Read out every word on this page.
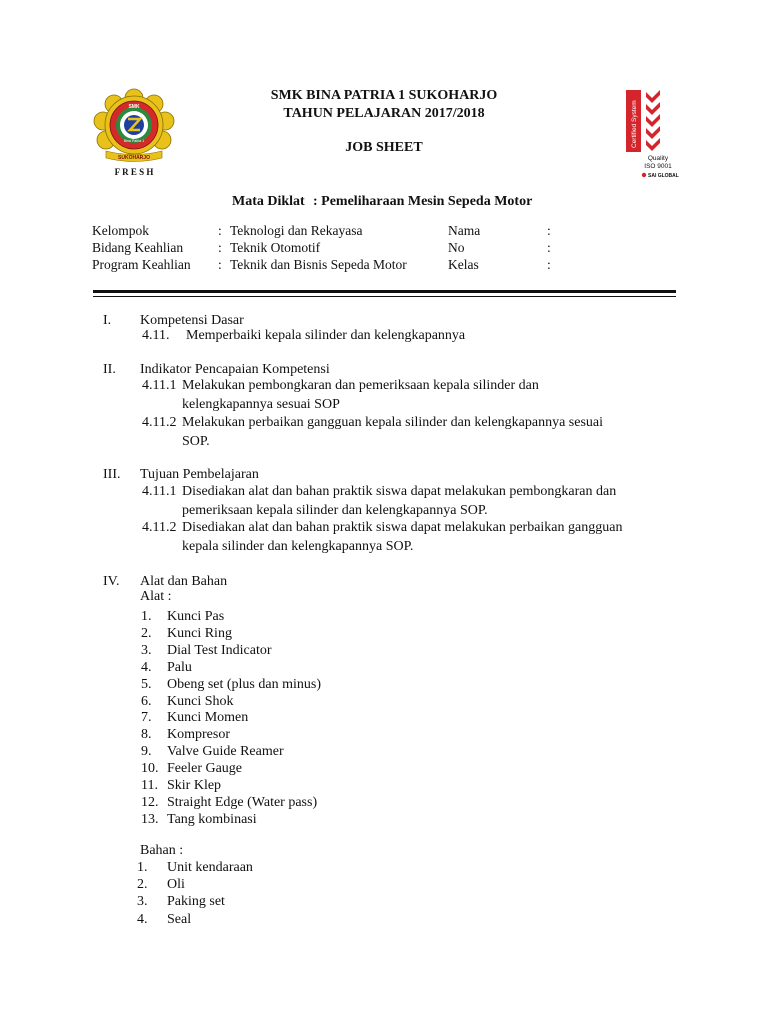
SMK
Bina Patria 1
SUKOHARJO
F R E S H
SMK BINA PATRIA 1 SUKOHARJO
TAHUN PELAJARAN 2017/2018
JOB SHEET	Certified System
Quality
ISO 9001
SAI GLOBAL
Mata Diklat : Pemeliharaan Mesin Sepeda Motor
Kelompok	: Teknologi dan Rekayasa	Nama	:
Bidang Keahlian	: Teknik Otomotif	No	:
Program Keahlian : Teknik dan Bisnis Sepeda Motor	Kelas	:
I. Kompetensi Dasar
4.11. Memperbaiki kepala silinder dan kelengkapannya
II. Indikator Pencapaian Kompetensi
4.11.1 Melakukan pembongkaran dan pemeriksaan kepala silinder dan
kelengkapannya sesuai SOP
4.11.2 Melakukan perbaikan gangguan kepala silinder dan kelengkapannya sesuai
SOP.
III. Tujuan Pembelajaran
4.11.1 Disediakan alat dan bahan praktik siswa dapat melakukan pembongkaran dan
pemeriksaan kepala silinder dan kelengkapannya SOP.
4.11.2 Disediakan alat dan bahan praktik siswa dapat melakukan perbaikan gangguan
kepala silinder dan kelengkapannya SOP.
IV. Alat dan Bahan
Alat :
1. Kunci Pas
2. Kunci Ring
3. Dial Test Indicator
4. Palu
5. Obeng set (plus dan minus)
6. Kunci Shok
7. Kunci Momen
8. Kompresor
9. Valve Guide Reamer
10. Feeler Gauge
11. Skir Klep
12. Straight Edge (Water pass)
13. Tang kombinasi
Bahan :
1. Unit kendaraan
2. Oli
3. Paking set
4. Seal
